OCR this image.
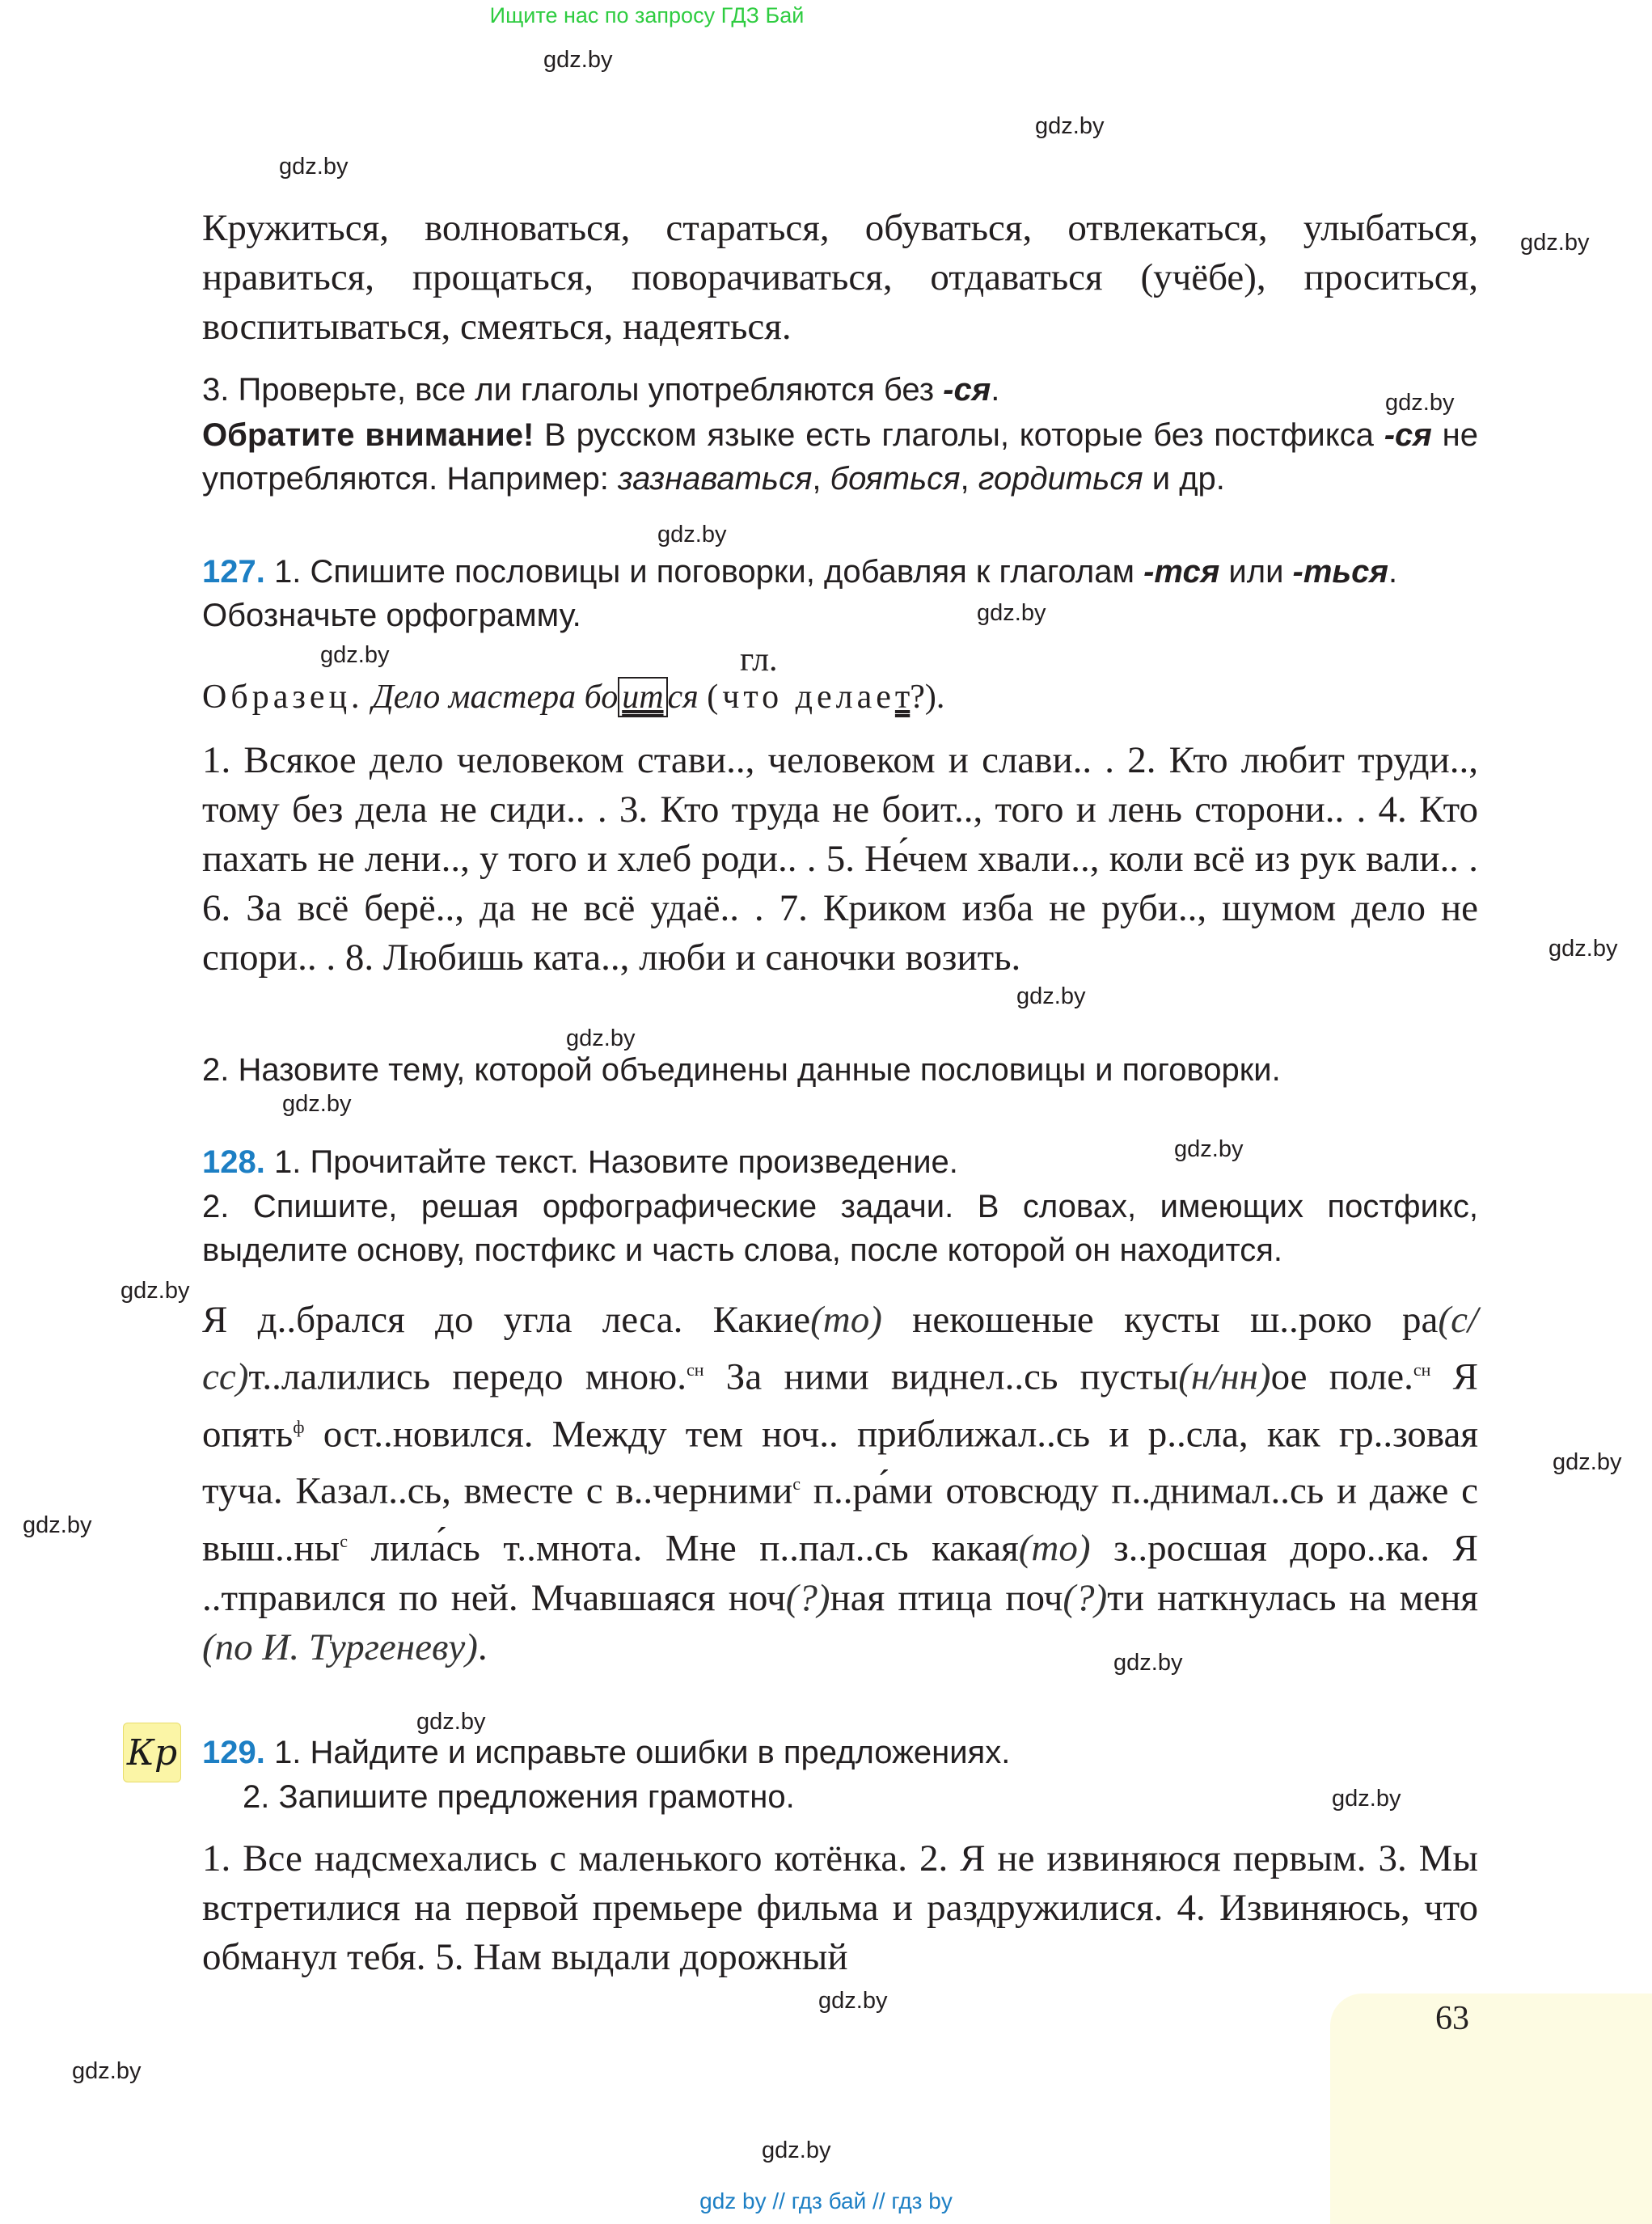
Ищите нас по запросу ГДЗ Бай
gdz.by
gdz.by
gdz.by
gdz.by
gdz.by
gdz.by
gdz.by
gdz.by
gdz.by
gdz.by
gdz.by
gdz.by
gdz.by
gdz.by
gdz.by
gdz.by
gdz.by
gdz.by
gdz.by
gdz.by
gdz.by
gdz.by
Кружиться, волноваться, стараться, обуваться, отвлекаться, улыбаться, нравиться, прощаться, поворачиваться, отдаваться (учёбе), проситься, воспитываться, смеяться, надеяться.
3. Проверьте, все ли глаголы употребляются без -ся.
Обратите внимание! В русском языке есть глаголы, которые без постфикса -ся не употребляются. Например: зазнаваться, бояться, гордиться и др.
127. 1. Спишите пословицы и поговорки, добавляя к глаголам -тся или -ться. Обозначьте орфограмму.
гл.
Образец. Дело мастера бо ит ся (что делает?).
1. Всякое дело человеком стави.., человеком и слави.. . 2. Кто любит труди.., тому без дела не сиди.. . 3. Кто труда не боит.., того и лень сторони.. . 4. Кто пахать не лени.., у того и хлеб роди.. . 5. Не́чем хвали.., коли всё из рук вали.. . 6. За всё берё.., да не всё удаё.. . 7. Криком изба не руби.., шумом дело не спори.. . 8. Любишь ката.., люби и саночки возить.
2. Назовите тему, которой объединены данные пословицы и поговорки.
128. 1. Прочитайте текст. Назовите произведение.
2. Спишите, решая орфографические задачи. В словах, имеющих постфикс, выделите основу, постфикс и часть слова, после которой он находится.
Я д..брался до угла леса. Какие(то) некошеные кусты ш..роко ра(с/сс)т..лалились передо мною.$^{сн}$ За ними виднел..сь пусты(н/нн)ое поле.$^{сн}$ Я опять$^ф$ ост..новился. Между тем ноч.. приближал..сь и р..сла, как гр..зовая туча. Казал..сь, вместе с в..черними$^с$ п..ра́ми отовсюду п..днимал..сь и даже с $выш..ны^с$ лила́сь т..мнота. Мне п..пал..сь какая(то) з..росшая доро..ка. Я ..тправился по ней. Мчавшаяся ноч(?)ная птица поч(?)ти наткнулась на меня (по И. Тургеневу).
Кр 129. 1. Найдите и исправьте ошибки в предложениях.
2. Запишите предложения грамотно.
1. Все надсмехались с маленького котёнка. 2. Я не извиняюся первым. 3. Мы встретилися на первой премьере фильма и раздружилися. 4. Извиняюсь, что обманул тебя. 5. Нам выдали дорожный
63
gdz by // гдз бай // гдз by
